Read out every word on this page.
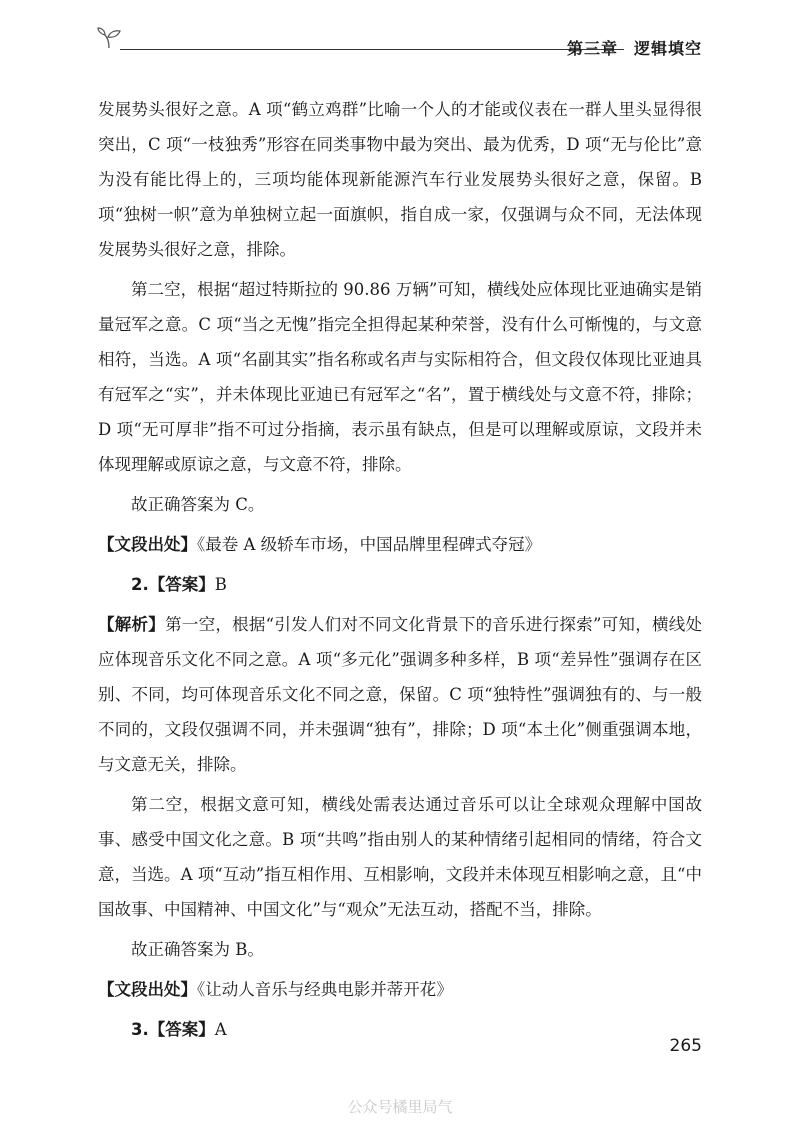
第三章 逻辑填空

发展势头很好之意。A 项“鹤立鸡群”比喻一个人的才能或仪表在一群人里头显得很突出，C 项“一枝独秀”形容在同类事物中最为突出、最为优秀，D 项“无与伦比”意为没有能比得上的，三项均能体现新能源汽车行业发展势头很好之意，保留。B 项“独树一帜”意为单独树立起一面旗帜，指自成一家，仅强调与众不同，无法体现发展势头很好之意，排除。

第二空，根据“超过特斯拉的 90.86 万辆”可知，横线处应体现比亚迪确实是销量冠军之意。C 项“当之无愧”指完全担得起某种荣誉，没有什么可惭愧的，与文意相符，当选。A 项“名副其实”指名称或名声与实际相符合，但文段仅体现比亚迪具有冠军之“实”，并未体现比亚迪已有冠军之“名”，置于横线处与文意不符，排除；D 项“无可厚非”指不可过分指摘，表示虽有缺点，但是可以理解或原谅，文段并未体现理解或原谅之意，与文意不符，排除。

故正确答案为 C。

【文段出处】《最卷 A 级轿车市场，中国品牌里程碑式夺冠》

2.【答案】B

【解析】第一空，根据“引发人们对不同文化背景下的音乐进行探索”可知，横线处应体现音乐文化不同之意。A 项“多元化”强调多种多样，B 项“差异性”强调存在区别、不同，均可体现音乐文化不同之意，保留。C 项“独特性”强调独有的、与一般不同的，文段仅强调不同，并未强调“独有”，排除；D 项“本土化”侧重强调本地，与文意无关，排除。

第二空，根据文意可知，横线处需表达通过音乐可以让全球观众理解中国故事、感受中国文化之意。B 项“共鸣”指由别人的某种情绪引起相同的情绪，符合文意，当选。A 项“互动”指互相作用、互相影响，文段并未体现互相影响之意，且“中国故事、中国精神、中国文化”与“观众”无法互动，搭配不当，排除。

故正确答案为 B。

【文段出处】《让动人音乐与经典电影并蒂开花》

3.【答案】A

265
公众号橘里局气
